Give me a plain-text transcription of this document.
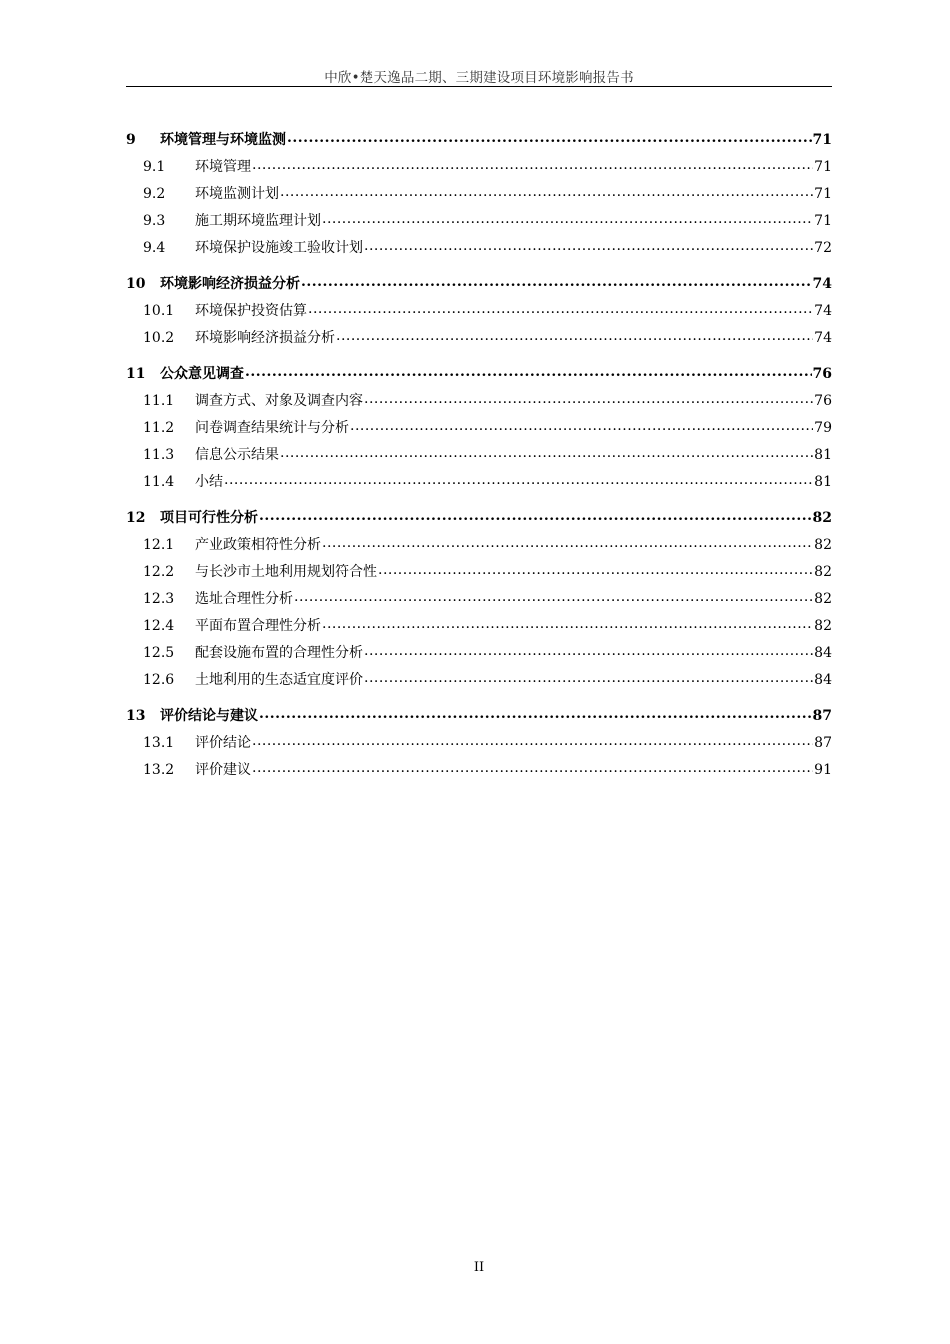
中欣•楚天逸品二期、三期建设项目环境影响报告书
9	环境管理与环境监测 .....	71
9.1	环境管理 .....	71
9.2	环境监测计划 .....	71
9.3	施工期环境监理计划 .....	71
9.4	环境保护设施竣工验收计划 .....	72
10	环境影响经济损益分析 .....	74
10.1	环境保护投资估算 .....	74
10.2	环境影响经济损益分析 .....	74
11	公众意见调查 .....	76
11.1	调查方式、对象及调查内容 .....	76
11.2	问卷调查结果统计与分析 .....	79
11.3	信息公示结果 .....	81
11.4	小结 .....	81
12	项目可行性分析 .....	82
12.1	产业政策相符性分析 .....	82
12.2	与长沙市土地利用规划符合性 .....	82
12.3	选址合理性分析 .....	82
12.4	平面布置合理性分析 .....	82
12.5	配套设施布置的合理性分析 .....	84
12.6	土地利用的生态适宜度评价 .....	84
13	评价结论与建议 .....	87
13.1	评价结论 .....	87
13.2	评价建议 .....	91
II
